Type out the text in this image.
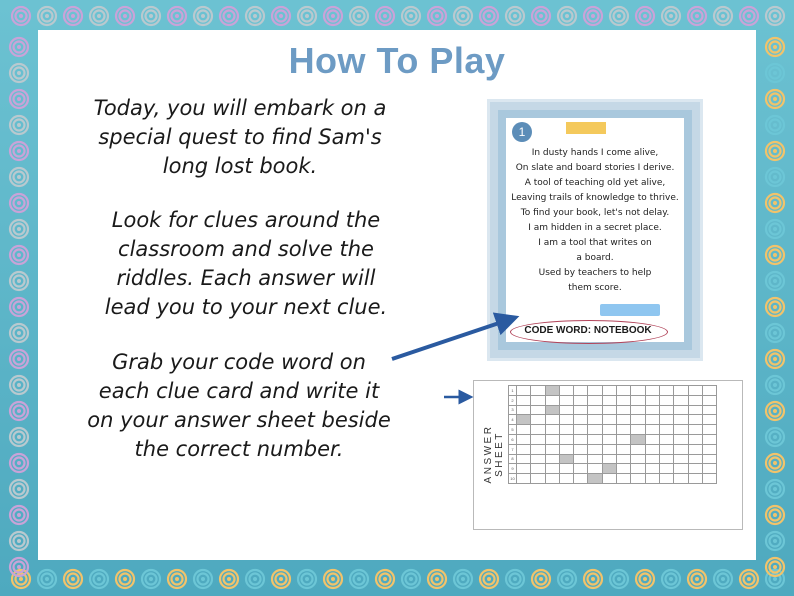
How To Play
Today, you will embark on a
special quest to find Sam's
long lost book.
Look for clues around the
classroom and solve the
riddles. Each answer will
lead you to your next clue.
Grab your code word on
each clue card and write it
on your answer sheet beside
the correct number.
1
In dusty hands I come alive,
On slate and board stories I derive.
A tool of teaching old yet alive,
Leaving trails of knowledge to thrive.
To find your book, let's not delay.
I am hidden in a secret place.
I am a tool that writes on
a board.
Used by teachers to help
them score.
CODE WORD: NOTEBOOK
ANSWER SHEET
1														
2														
3														
4														
5														
6														
7														
8														
9														
10														
